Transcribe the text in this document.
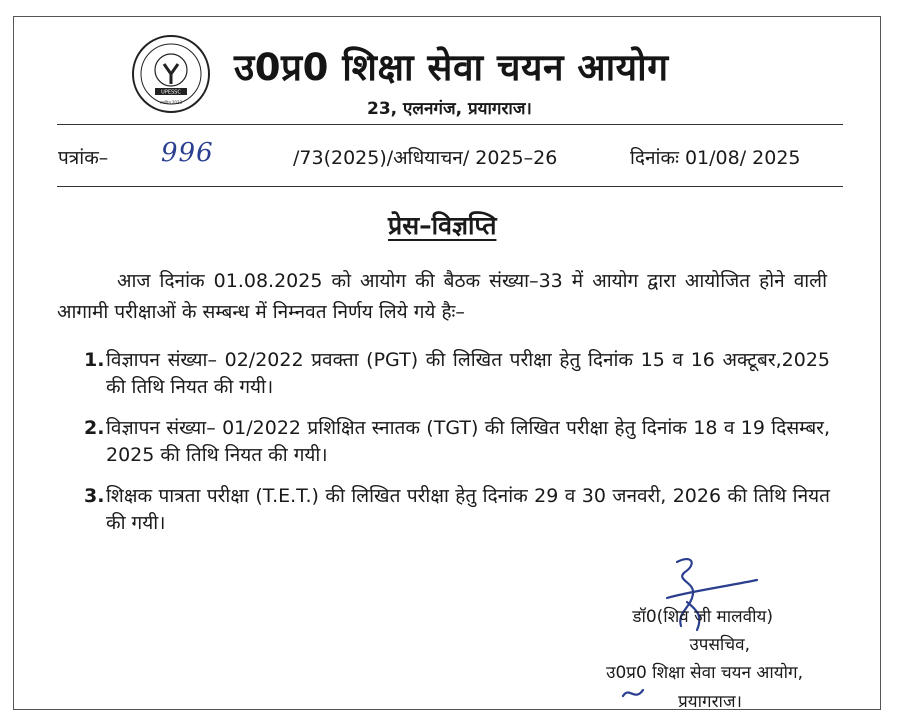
UPESSC
स्थापित 2023
उ0प्र0 शिक्षा सेवा चयन आयोग
23, एलनगंज, प्रयागराज।
पत्रांक– 996	/73(2025)/अधियाचन/ 2025–26	दिनांकः 01/08/ 2025
प्रेस–विज्ञप्ति
आज दिनांक 01.08.2025 को आयोग की बैठक संख्या–33 में आयोग द्वारा आयोजित होने वाली आगामी परीक्षाओं के सम्बन्ध में निम्नवत निर्णय लिये गये हैः–
1. विज्ञापन संख्या– 02/2022 प्रवक्ता (PGT) की लिखित परीक्षा हेतु दिनांक 15 व 16 अक्टूबर,2025 की तिथि नियत की गयी।
2. विज्ञापन संख्या– 01/2022 प्रशिक्षित स्नातक (TGT) की लिखित परीक्षा हेतु दिनांक 18 व 19 दिसम्बर, 2025 की तिथि नियत की गयी।
3. शिक्षक पात्रता परीक्षा (T.E.T.) की लिखित परीक्षा हेतु दिनांक 29 व 30 जनवरी, 2026 की तिथि नियत की गयी।
डॉ0(शिव जी मालवीय)
उपसचिव,
उ0प्र0 शिक्षा सेवा चयन आयोग,
प्रयागराज।
